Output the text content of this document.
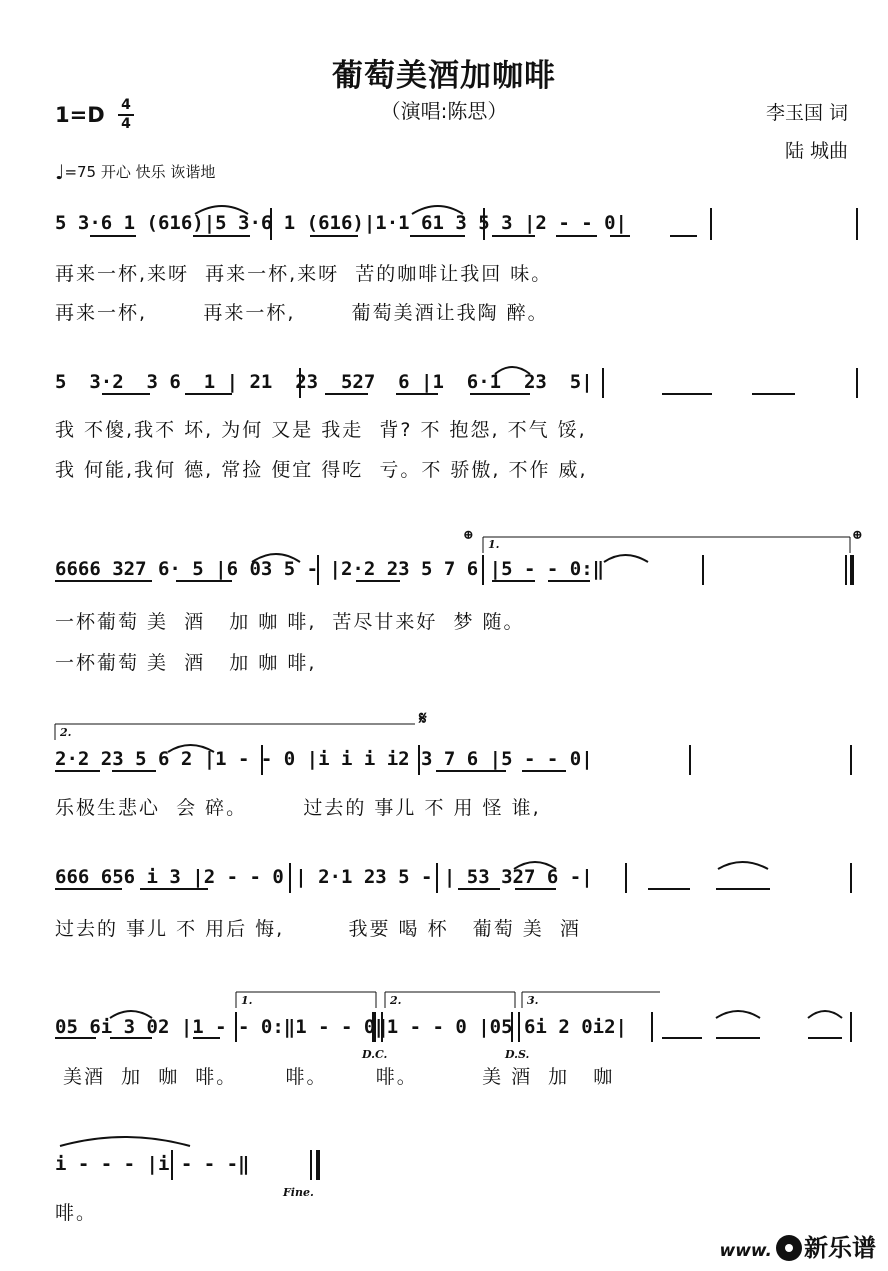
葡萄美酒加咖啡
（演唱:陈思）
1=D 4
4	李玉国 词
陆 城曲
♩=75 开心 快乐 诙谐地
5 3·6 1 (616)|5 3·6 1 (616)|1·1 61 3 5 3 |2 - - 0|
再来一杯,来呀  再来一杯,来呀  苦的咖啡让我回 味。
再来一杯,       再来一杯,       葡萄美酒让我陶 醉。
5  3·2  3 6  1 | 21  23  527  6 |1  6·1  23  5|
我 不傻,我不 坏, 为何 又是 我走  背? 不 抱怨, 不气 馁,
我 何能,我何 德, 常捡 便宜 得吃  亏。不 骄傲, 不作 威,
⊕
1.
⊕
6666 327 6· 5 |6 03 5 - |2·2 23 5 7 6 |5 - - 0:‖
一杯葡萄 美  酒   加 咖 啡,  苦尽甘来好  梦 随。
一杯葡萄 美  酒   加 咖 啡,
2.
𝄋
2·2 23 5 6 2 |1 - - 0 |i i i i2 3 7 6 |5 - - 0|
乐极生悲心  会 碎。       过去的 事儿 不 用 怪 谁,
666 656 i 3 |2 - - 0 | 2·1 23 5 - | 53 327 6 -|
过去的 事儿 不 用后 悔,        我要 喝 杯   葡萄 美  酒
1.	2.	3.
05 6i 3 02 |1 - - 0:‖1 - - 0‖1 - - 0 |05 6i 2 0i2|
D.C.	D.S.
美酒  加  咖  啡。      啡。      啡。        美 酒  加   咖
i - - - |i - - -‖
Fine.
啡。
www. 新乐谱
